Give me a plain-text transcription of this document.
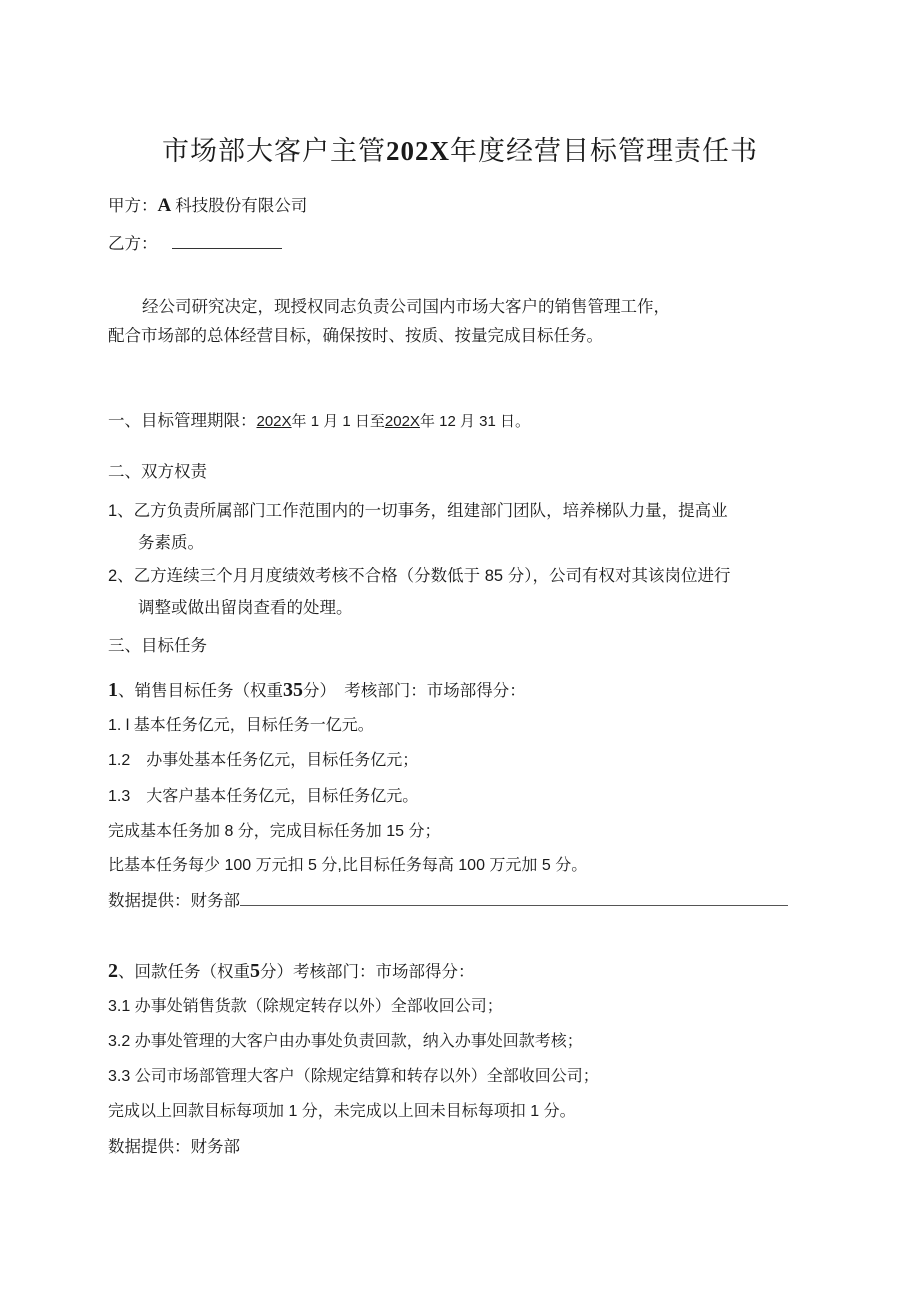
市场部大客户主管202X年度经营目标管理责任书
甲方：A 科技股份有限公司
乙方：
经公司研究决定，现授权同志负责公司国内市场大客户的销售管理工作，
配合市场部的总体经营目标，确保按时、按质、按量完成目标任务。
一、目标管理期限：202X年 1 月 1 日至202X年 12 月 31 日。
二、双方权责
1、乙方负责所属部门工作范围内的一切事务，组建部门团队，培养梯队力量，提高业
务素质。
2、乙方连续三个月月度绩效考核不合格（分数低于 85 分），公司有权对其该岗位进行
调整或做出留岗查看的处理。
三、目标任务
1、销售目标任务（权重35分）　考核部门：市场部得分：
1. l 基本任务亿元，目标任务一亿元。
1.2　办事处基本任务亿元，目标任务亿元；
1.3　大客户基本任务亿元，目标任务亿元。
完成基本任务加 8 分，完成目标任务加 15 分；
比基本任务每少 100 万元扣 5 分,比目标任务每高 100 万元加 5 分。
数据提供：财务部
2、回款任务（权重5分）考核部门：市场部得分：
3.1 办事处销售货款（除规定转存以外）全部收回公司；
3.2 办事处管理的大客户由办事处负责回款，纳入办事处回款考核；
3.3 公司市场部管理大客户（除规定结算和转存以外）全部收回公司；
完成以上回款目标每项加 1 分，未完成以上回未目标每项扣 1 分。
数据提供：财务部
